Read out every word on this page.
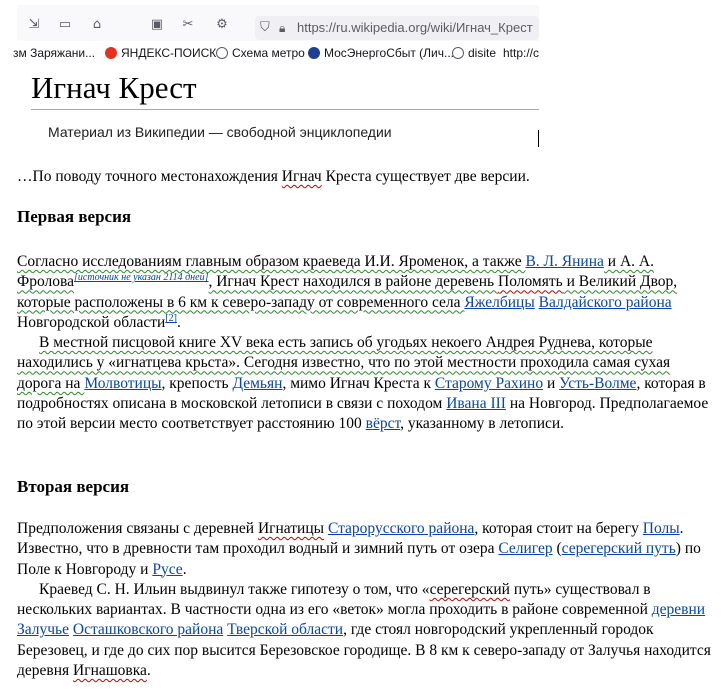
⇲ ▭ ⌂	▣ ✂ ⚙ ⛉ 🔒︎ https://ru.wikipedia.org/wiki/Игнач_Крест
зм Заряжани...	ЯНДЕКС-ПОИСК	Схема метро	МосЭнергоСбыт (Лич...	disite http://c
Игнач Крест
Материал из Википедии — свободной энциклопедии
…По поводу точного местонахождения Игнач Креста существует две версии.
Первая версия
Согласно исследованиям главным образом краеведа И.И. Яроменок, а также В. Л. Янина и А. А. Фролова[источник не указан 2114 дней], Игнач Крест находился в районе деревень Поломять и Великий Двор, которые расположены в 6 км к северо-западу от современного села Яжелбицы Валдайского района Новгородской области[2].
В местной писцовой книге XV века есть запись об угодьях некоего Андрея Руднева, которые находились у «игнатцева крьста». Сегодня известно, что по этой местности проходила самая сухая дорога на Молвотицы, крепость Демьян, мимо Игнач Креста к Старому Рахино и Усть-Волме, которая в подробностях описана в московской летописи в связи с походом Ивана III на Новгород. Предполагаемое по этой версии место соответствует расстоянию 100 вёрст, указанному в летописи.
Вторая версия
Предположения связаны с деревней Игнатицы Старорусского района, которая стоит на берегу Полы. Известно, что в древности там проходил водный и зимний путь от озера Селигер (серегерский путь) по Поле к Новгороду и Русе.
Краевед С. Н. Ильин выдвинул также гипотезу о том, что «серегерский путь» существовал в нескольких вариантах. В частности одна из его «веток» могла проходить в районе современной деревни Залучье Осташковского района Тверской области, где стоял новгородский укрепленный городок Березовец, и где до сих пор высится Березовское городище. В 8 км к северо-западу от Залучья находится деревня Игнашовка.
